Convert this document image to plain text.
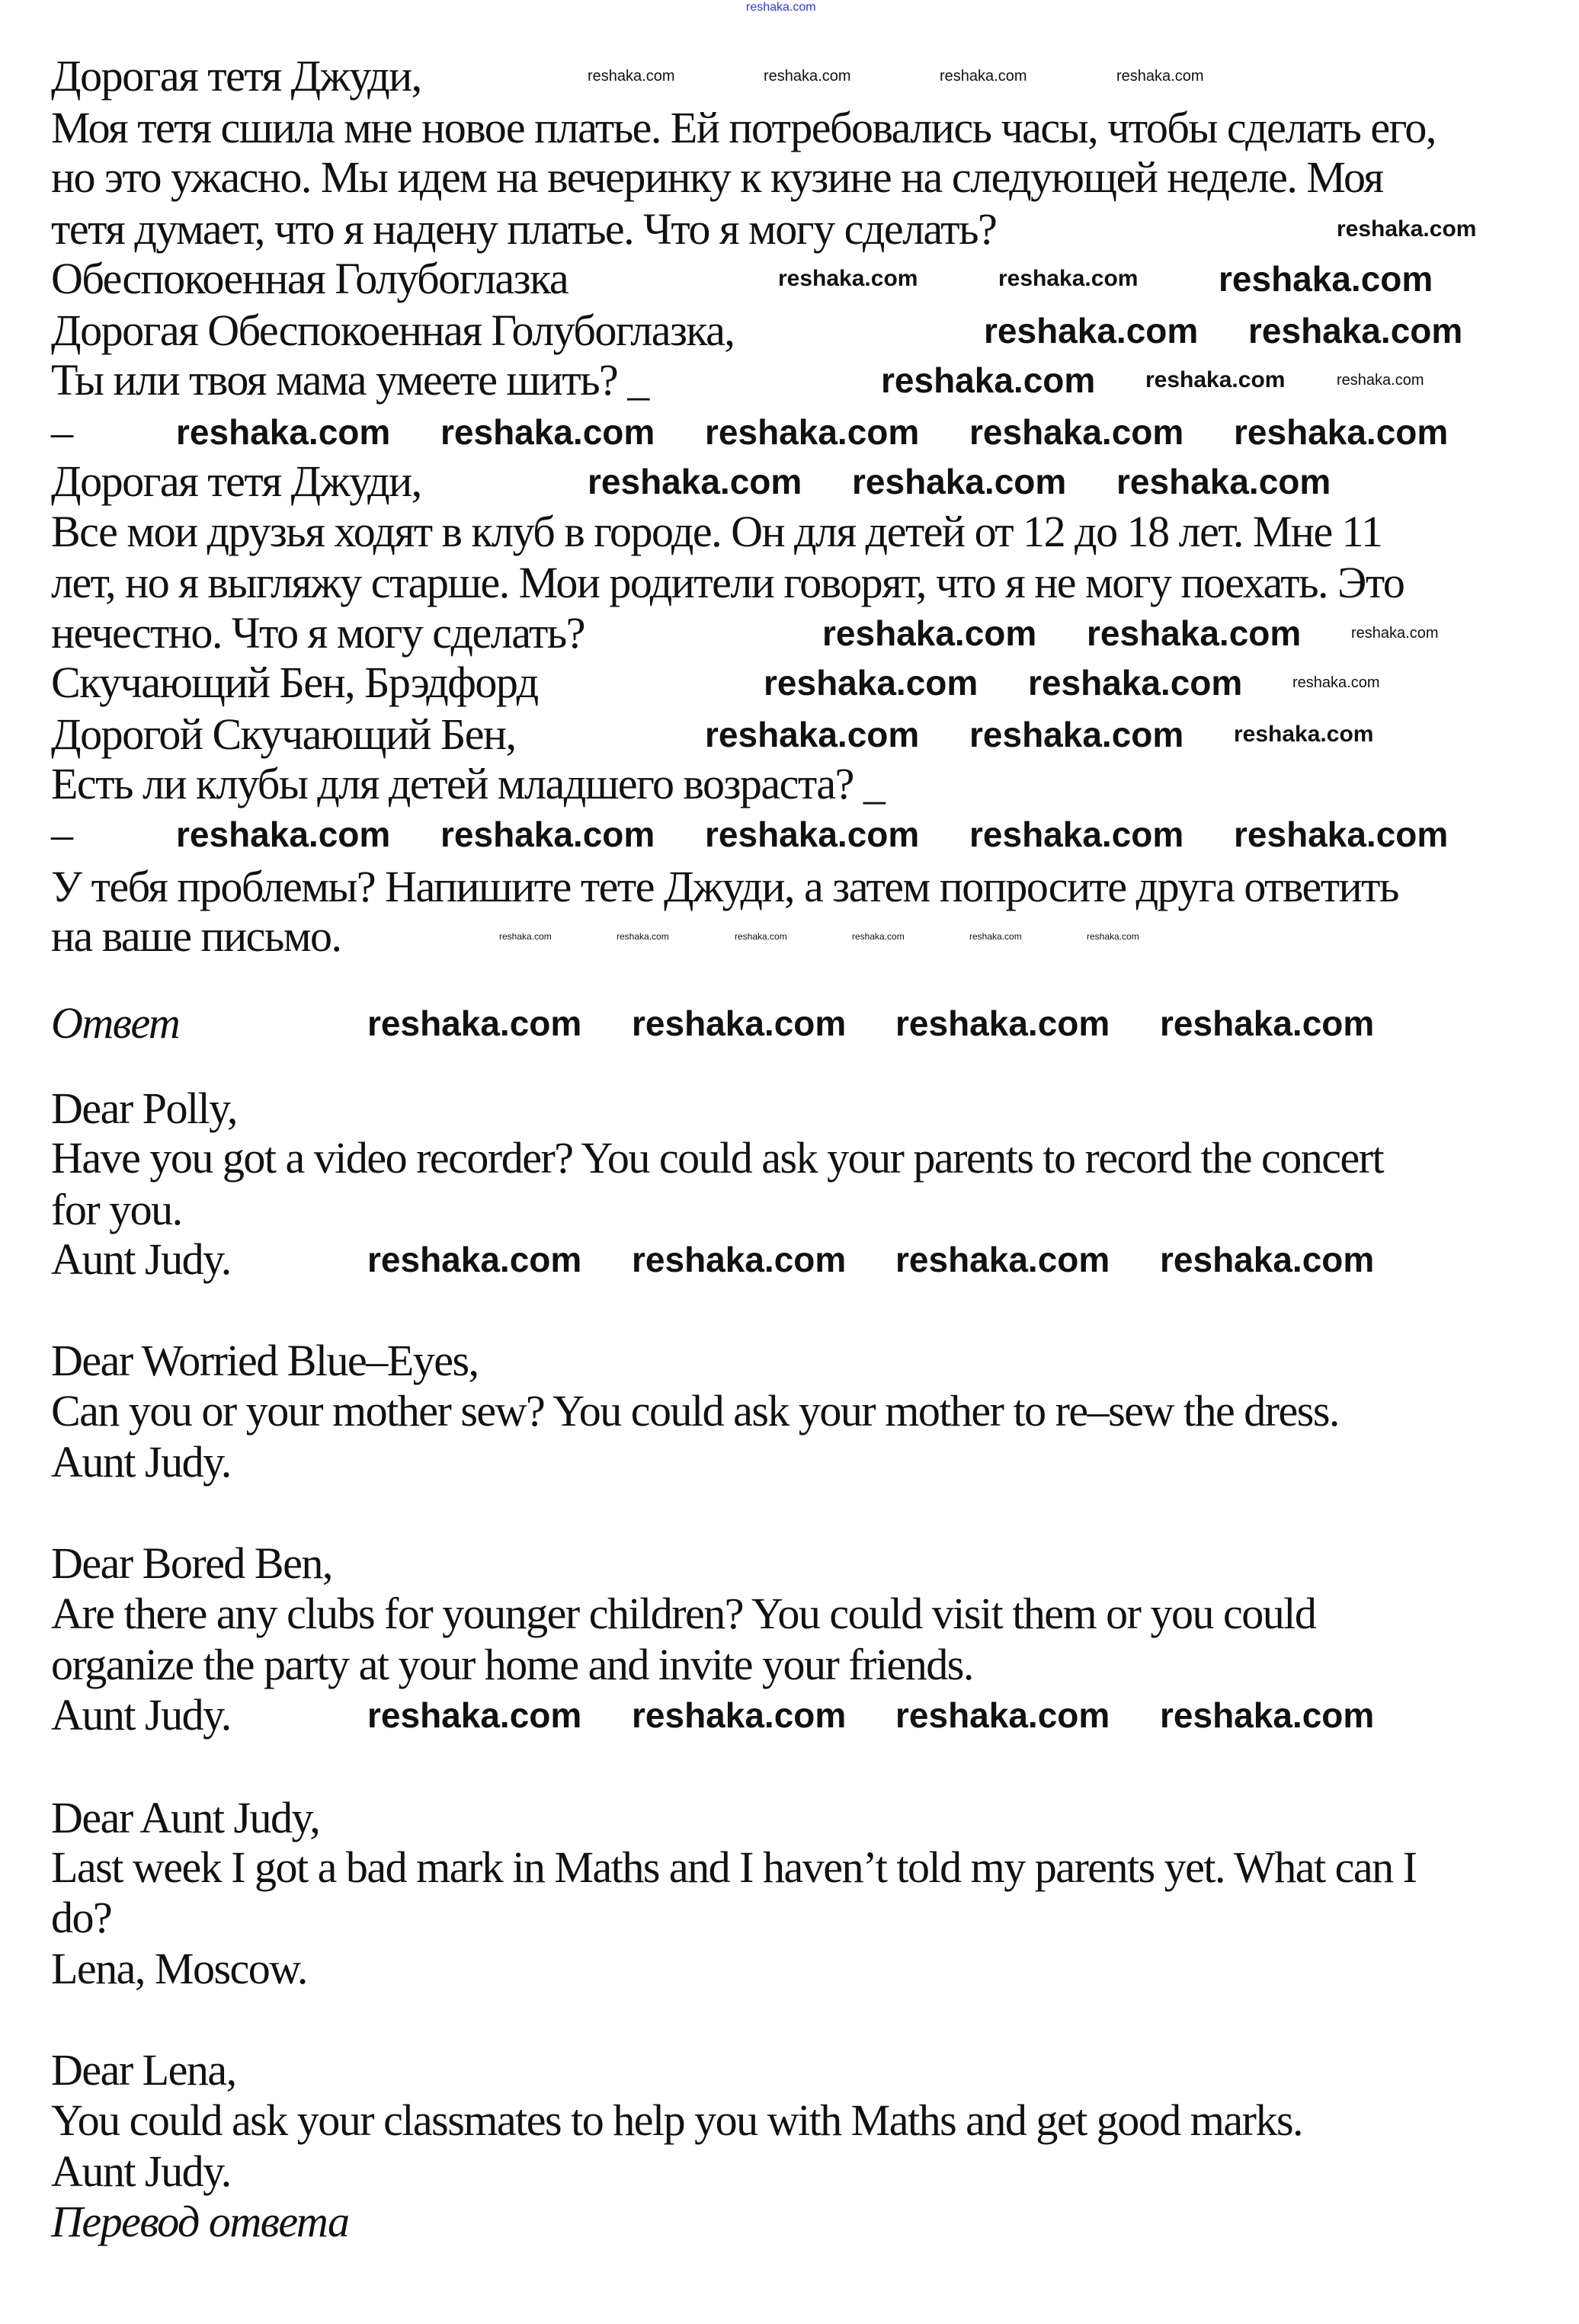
Дорогая тетя Джуди,
Моя тетя сшила мне новое платье. Ей потребовались часы, чтобы сделать его,
но это ужасно. Мы идем на вечеринку к кузине на следующей неделе. Моя
тетя думает, что я надену платье. Что я могу сделать?
Обеспокоенная Голубоглазка
Дорогая Обеспокоенная Голубоглазка,
Ты или твоя мама умеете шить? _
–
Дорогая тетя Джуди,
Все мои друзья ходят в клуб в городе. Он для детей от 12 до 18 лет. Мне 11
лет, но я выгляжу старше. Мои родители говорят, что я не могу поехать. Это
нечестно. Что я могу сделать?
Скучающий Бен, Брэдфорд
Дорогой Скучающий Бен,
Есть ли клубы для детей младшего возраста? _
–
У тебя проблемы? Напишите тете Джуди, а затем попросите друга ответить
на ваше письмо.
Ответ
Dear Polly,
Have you got a video recorder? You could ask your parents to record the concert
for you.
Aunt Judy.
Dear Worried Blue–Eyes,
Can you or your mother sew? You could ask your mother to re–sew the dress.
Aunt Judy.
Dear Bored Ben,
Are there any clubs for younger children? You could visit them or you could
organize the party at your home and invite your friends.
Aunt Judy.
Dear Aunt Judy,
Last week I got a bad mark in Maths and I haven’t told my parents yet. What can I
do?
Lena, Moscow.
Dear Lena,
You could ask your classmates to help you with Maths and get good marks.
Aunt Judy.
Перевод ответа
reshaka.com
reshaka.com	reshaka.com	reshaka.com	reshaka.com
reshaka.com
reshaka.com	reshaka.com reshaka.com
reshaka.com reshaka.com
reshaka.com reshaka.com	reshaka.com
reshaka.com reshaka.com reshaka.com reshaka.com reshaka.com
reshaka.com reshaka.com reshaka.com
reshaka.com reshaka.com	reshaka.com
reshaka.com reshaka.com	reshaka.com
reshaka.com reshaka.com reshaka.com
reshaka.com reshaka.com reshaka.com reshaka.com reshaka.com
reshaka.com	reshaka.com	reshaka.com	reshaka.com	reshaka.com	reshaka.com
reshaka.com reshaka.com reshaka.com reshaka.com
reshaka.com reshaka.com reshaka.com reshaka.com
reshaka.com reshaka.com reshaka.com reshaka.com
